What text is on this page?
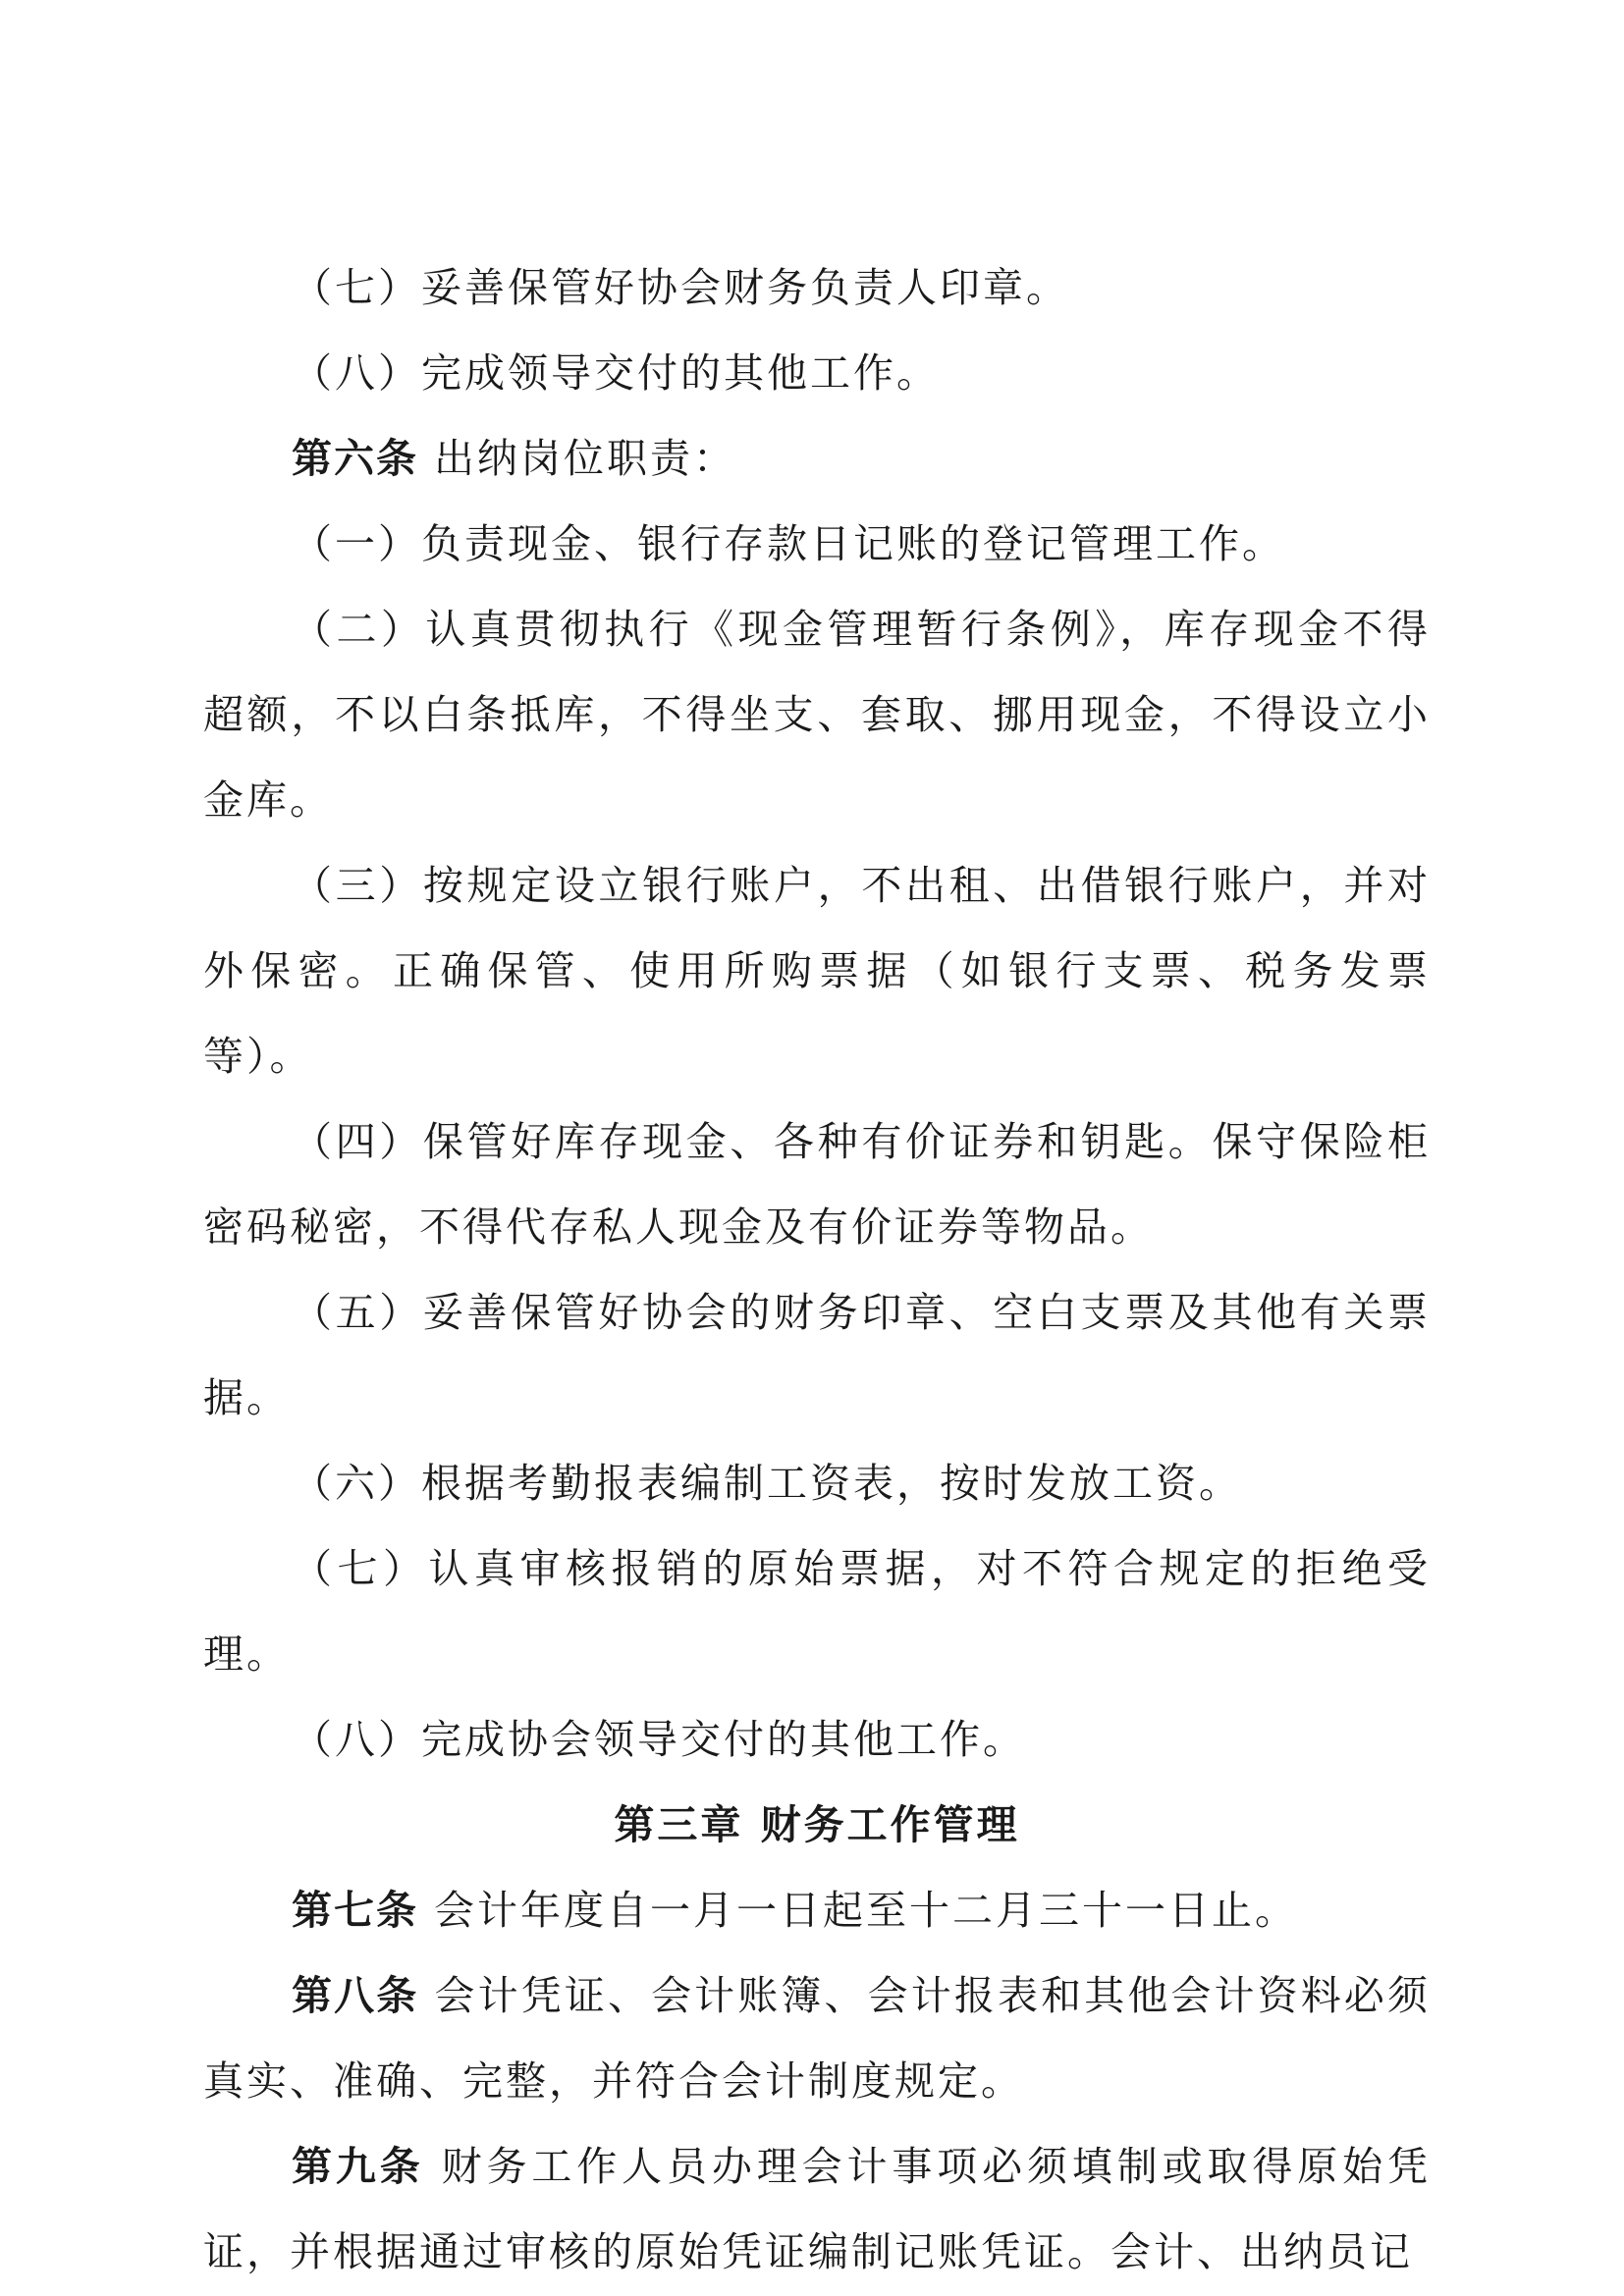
（七）妥善保管好协会财务负责人印章。

（八）完成领导交付的其他工作。

第六条 出纳岗位职责：

（一）负责现金、银行存款日记账的登记管理工作。

（二）认真贯彻执行《现金管理暂行条例》，库存现金不得超额，不以白条抵库，不得坐支、套取、挪用现金，不得设立小金库。

（三）按规定设立银行账户，不出租、出借银行账户，并对外保密。正确保管、使用所购票据（如银行支票、税务发票等）。

（四）保管好库存现金、各种有价证券和钥匙。保守保险柜密码秘密，不得代存私人现金及有价证券等物品。

（五）妥善保管好协会的财务印章、空白支票及其他有关票据。

（六）根据考勤报表编制工资表，按时发放工资。

（七）认真审核报销的原始票据，对不符合规定的拒绝受理。

（八）完成协会领导交付的其他工作。

第三章 财务工作管理

第七条 会计年度自一月一日起至十二月三十一日止。

第八条 会计凭证、会计账簿、会计报表和其他会计资料必须真实、准确、完整，并符合会计制度规定。

第九条 财务工作人员办理会计事项必须填制或取得原始凭证，并根据通过审核的原始凭证编制记账凭证。会计、出纳员记
